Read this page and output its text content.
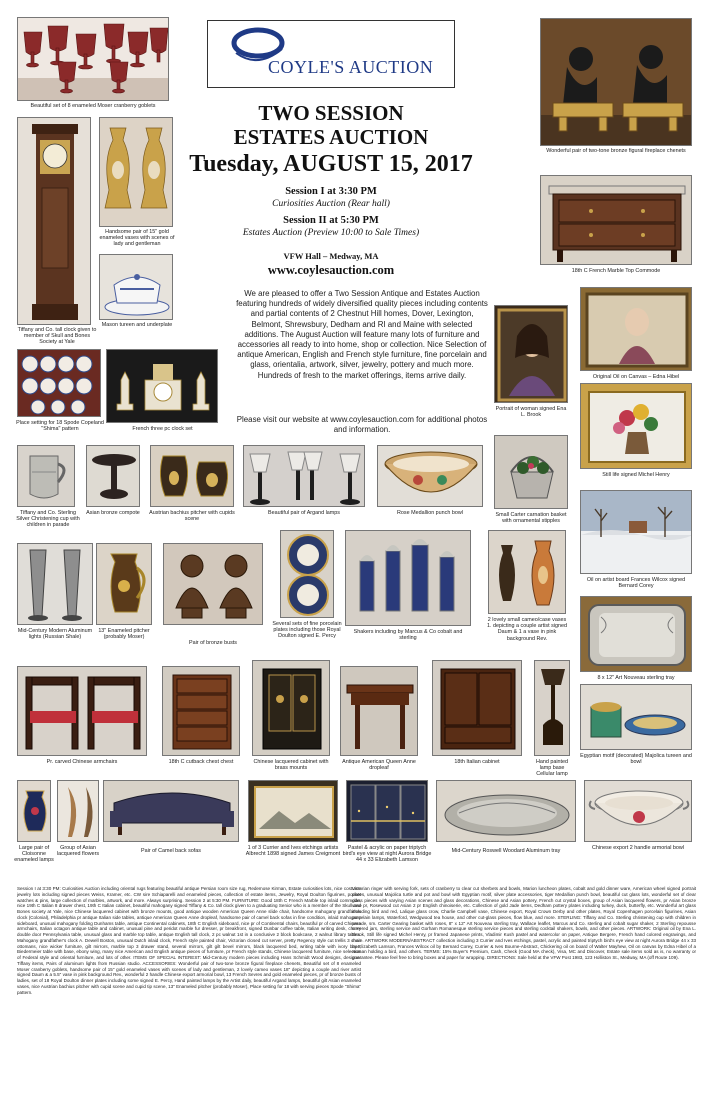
Beautiful set of 8 enameled Moser cranberry goblets
Tiffany and Co. tall clock given to member of Skull and Bones Society at Yale
Handsome pair of 15" gold enameled vases with scenes of lady and gentleman
Mason tureen and underplate
Place setting for 18 Spode Copeland "Shima" pattern	French three pc clock set
Tiffany and Co. Sterling Silver Christening cup with children in parade
Asian bronze compote	Austrian bachius pitcher with cupids scene
Beautiful pair of Argand lamps	Rose Medallion punch bowl	Small Carter carnation basket with ornamental stipples
COYLE'S AUCTION
TWO SESSION
ESTATES AUCTION
Tuesday, AUGUST 15, 2017
Session I at 3:30 PM
Curiosities Auction (Rear hall)
Session II at 5:30 PM
Estates Auction (Preview 10:00 to Sale Times)
VFW Hall – Medway, MA
www.coylesauction.com
We are pleased to offer a Two Session Antique and Estates Auction featuring hundreds of widely diversified quality pieces including contents and partial contents of 2 Chestnut Hill homes, Dover, Lexington, Belmont, Shrewsbury, Dedham and RI and Maine with selected additions. The August Auction will feature many lots of furniture and accessories all ready to into home, shop or collection. Nice Selection of antique American, English and French style furniture, fine porcelain and glass, orientalia, artwork, silver, jewelry, pottery and much more. Hundreds of fresh to the market offerings, items arrive daily.
Please visit our website at www.coylesauction.com for additional photos and information.
Wonderful pair of two-tone bronze figural fireplace chenets
18th C French Marble Top Commode
Portrait of woman signed Ena L. Brook
Original Oil on Canvas – Edna Hibel
Still life signed Michel Henry
Oil on artist board Frances Wilcox signed Bernard Corey
8 x 12" Art Nouveau sterling tray
Egyptian motif (decorated) Majolica tureen and bowl
Mid-Century Modern Aluminum lights (Russian Shale)
13" Enameled pitcher (probably Moser)
Pair of bronze busts
Several sets of fine porcelain plates including those Royal Doulton signed E. Percy
Shakers including by Marcus & Co cobalt and sterling
2 lovely small cameo/case vases 1. depicting a couple artist signed Daum & 1 a vase in pink background Rev.
Pr. carved Chinese armchairs	18th C cutback chest chest	Chinese lacquered cabinet with brass mounts
Antique American Queen Anne dropleaf
18th Italian cabinet	Hand painted lamp base Cellular lamp
Large pair of Cloisonne enameled lamps
Group of Asian lacquered flowers
Pair of Camel back sofas	1 of 3 Currier and Ives etchings artists Albrecht 1898 signed James Creigmont
Pastel & acrylic on paper triptych bird's eye view at night Aurora Bridge 44 x 33 Elizabeth Lamson
Mid-Century Roswell Woodard Aluminum tray	Chinese export 2 handle armorial bowl
Session I at 3:30 PM: Curiosities Auction including oriental rugs featuring beautiful antique Persian room size rug, Redemose Kirman, Estate curiosities lots, nice costume jewelry lots including signed pieces Weiss, Kramer, etc. CW sire Schiaparelli and enameled pieces, collection of estate items, Jewelry, Royal Doulton figurines, pocket watches & pins, large collection of marbles, artwork, and more. Always surprising. Session 2 at 5:30 PM. FURNITURE: Good 18th C French Marble top inlaid commode, nice 19th C Italian 8 drawer chest, 19th C Italian cabinet, beautiful mahogany signed Tiffany & Co. tall clock given to a graduating Senior who is a member of the Skull and Bones society at Yale, nice Chinese lacquered cabinet with bronze mounts, good antique wooden American Queen Anne slide chair, handsome mahogany grandfather clock (Colonial), Philadelphia pr antique Italian side tables, antique American Queen Anne dropleaf, handsome pair of camel back sofas in fine condition, inlaid mahogany sideboard, unusual mahogany folding Dunhams table, antique Continental cabinets, 18th C English sideboard, nice pr of Continental chairs, beautiful pr of carved Chinese armchairs, Italian octagon antique table and cabinet, unusual pine and peridot marble fur dresser, pr breakfront, signed Dunbar coffee table, Italian writing desk, cherry double door Pennsylvania table, unusual glass and marble top table, antique English tall clock, 2 pc walnut 1st in a conclusive 2 block bookcase, 2 walnut library tables. Mahogany grandfather's clock A. Dewell Boston, unusual Dutch inlaid clock, French style painted chair, Victorian closed cut server, pretty Regency style cut trellis 3 chair ottomans, nice wicker furniture, gilt mirrors, marble top 3 drawer stand, several mirrors, gilt gilt bevel mirrors, black lacquered bed, writing table with ivory base, Biedermeier table with base, ebony wing, many nice American and English antique pieces of furniture, pr French style stands, Chinese lacquered furniture, nice selection of Federal style and oriental furniture, and lots of other. ITEMS OF SPECIAL INTEREST: Mid-Century modern pieces including Hans Schmidt Wood designs, designer Tiffany items, Pairs of aluminum lights from Russian studio. ACCESSORIES: Wonderful pair of two-tone bronze figural fireplace chenets, Beautiful set of 8 enameled Moser cranberry goblets, handsome pair of 15" gold enameled vases with scenes of lady and gentleman, 2 lovely cameo vases 18" depicting a couple and river artist signed Daum & a 5.5" vase in pink background Rev., wonderful 2 handle Chinese export armorial bowl, 13 French Sevres and gold enameled pieces, pr of bronze busts of ladies, set of 18 Royal Doulton dinner plates including some signed E. Percy, Hand painted lamps by the Artist daily, beautiful Argand lamps, beautiful gilt Asian enameled vases, nice Austrian bachius pitcher with cupid scene and cupid tip scene, 13" Enameled pitcher (probably Moser), Place setting for 18 with serving pieces Spode "Shima" pattern.
Victorian ringer with serving fork, sets of cranberry to clear cut sherbets and bowls, Marion luncheon plates, cobalt and gold dinner ware, American wheel signed portrait plates, unusual Majolica turtle and pot and bowl with Egyptian motif, silver plate accessories, tiger Medallion punch bowl, beautiful cut glass lots, wonderful set of clear glass pieces with varying Asian scenes and glass decorations, Chinese and Asian pottery, French cut crystal boxes, group of Asian lacquered flowers, pr Asian bronze vase pr, Rosewood cut Asian 2 pr English chinoiserie, etc. Collection of gold Jade items, Dedham pottery plates including turkey, duck, butterfly, etc. Wonderful art glass including bird and red, Lalique glass crow, Charlie Campbell vase, Chinese export, Royal Crown Derby and other plates, Royal Copenhagen porcelain figurines, Asian porcelain lamps, Waterford, Wedgwood tea house, and other cut-glass pieces, flow blue, and more. STERLING: Tiffany and Co. Sterling christening cup with children in parade, sm. Carter Gearing basket with roses, 8" x 12" Art Nouveau sterling tray, Wallace leaflet, Marcus and Co. sterling and cobalt sugar shaker, 2 Sterling repousse covered jars, sterling service and Gorham Romanesque sterling service pieces and sterling cocktail shakers, bowls, and other pieces. ARTWORK: Original oil by Ena L. Brook, Still life signed Michel Henry, pr framed Japanese prints, Vladimir Kush pastel and watercolor on paper, Antique Bergere, French hand colored engravings, and more. ARTWORK MODERN/ABSTRACT collection including 3 Currier and Ives etchings, pastel, acrylic and painted triptych bird's eye view at night Aurora Bridge 44 x 33 by Elizabeth Lamson, Frances Wilcox oil by Bernard Corey, Currier & Ives Bourne-Abstract, Chickering oil on board of Walter Mayhew, Oil on canvas by Edna Hibel of a woman holding a bird, and others. TERMS: 15% Buyer's Premium, Cash, Check (Good MA check), Visa, MC and Discover, Estate sale items sold as is, no warranty or guarantee. Please feel free to bring boxes and paper for wrapping. DIRECTIONS: Sale held at the VFW Post 1983, 123 Holliston St., Medway, MA (off Route 109).
